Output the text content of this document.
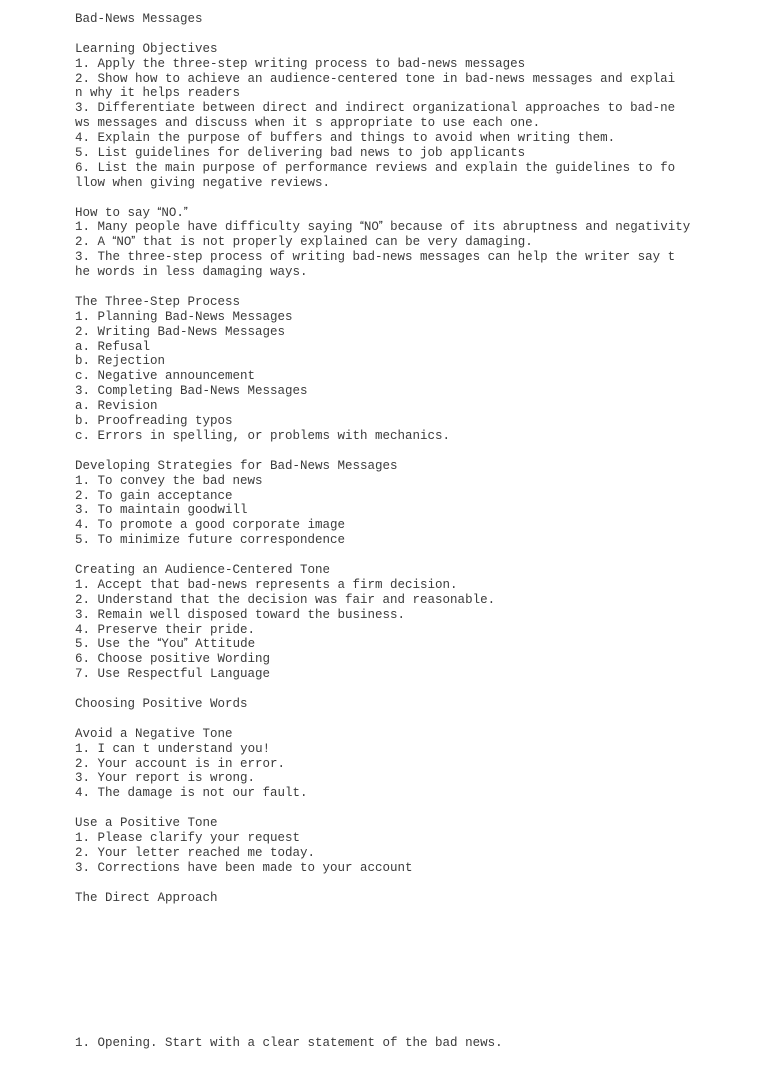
Bad-News Messages
Learning Objectives
1. Apply the three-step writing process to bad-news messages
2. Show how to achieve an audience-centered tone in bad-news messages and explai
n why it helps readers
3. Differentiate between direct and indirect organizational approaches to bad-ne
ws messages and discuss when its appropriate to use each one.
4. Explain the purpose of buffers and things to avoid when writing them.
5. List guidelines for delivering bad news to job applicants
6. List the main purpose of performance reviews and explain the guidelines to fo
llow when giving negative reviews.
How to say NO.
1. Many people have difficulty saying NO because of its abruptness and negativity
2. A NO that is not properly explained can be very damaging.
3. The three-step process of writing bad-news messages can help the writer say t
he words in less damaging ways.
The Three-Step Process
1. Planning Bad-News Messages
2. Writing Bad-News Messages
a. Refusal
b. Rejection
c. Negative announcement
3. Completing Bad-News Messages
a. Revision
b. Proofreading typos
c. Errors in spelling, or problems with mechanics.
Developing Strategies for Bad-News Messages
1. To convey the bad news
2. To gain acceptance
3. To maintain goodwill
4. To promote a good corporate image
5. To minimize future correspondence
Creating an Audience-Centered Tone
1. Accept that bad-news represents a firm decision.
2. Understand that the decision was fair and reasonable.
3. Remain well disposed toward the business.
4. Preserve their pride.
5. Use the You Attitude
6. Choose positive Wording
7. Use Respectful Language
Choosing Positive Words
Avoid a Negative Tone
1. I cant understand you!
2. Your account is in error.
3. Your report is wrong.
4. The damage is not our fault.
Use a Positive Tone
1. Please clarify your request
2. Your letter reached me today.
3. Corrections have been made to your account
The Direct Approach

1. Opening. Start with a clear statement of the bad news.
